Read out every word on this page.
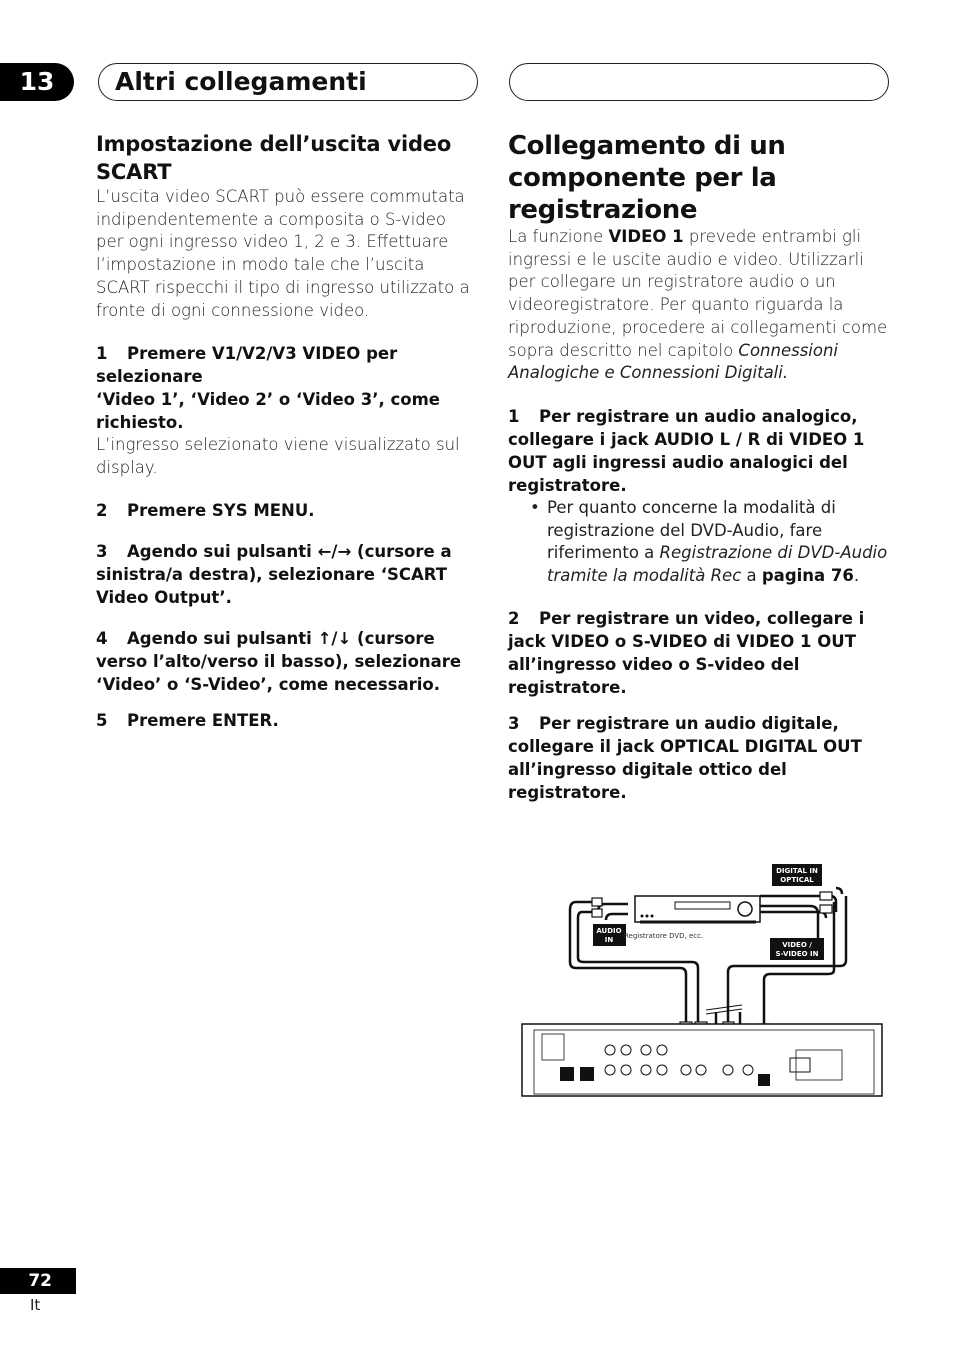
13	Altri collegamenti
Impostazione dell’uscita video SCART

L’uscita video SCART può essere commutata indipendentemente a composita o S-video per ogni ingresso video 1, 2 e 3. Effettuare l’impostazione in modo tale che l’uscita SCART rispecchi il tipo di ingresso utilizzato a fronte di ogni connessione video.

1 Premere V1/V2/V3 VIDEO per selezionare

‘Video 1’, ‘Video 2’ o ‘Video 3’, come richiesto.

L’ingresso selezionato viene visualizzato sul display.

2 Premere SYS MENU.

3 Agendo sui pulsanti ←/→ (cursore a sinistra/a destra), selezionare ‘SCART Video Output’.

4 Agendo sui pulsanti ↑/↓ (cursore verso l’alto/verso il basso), selezionare ‘Video’ o ‘S-Video’, come necessario.

5 Premere ENTER.

Collegamento di un componente per la registrazione

La funzione VIDEO 1 prevede entrambi gli ingressi e le uscite audio e video. Utilizzarli per collegare un registratore audio o un videoregistratore. Per quanto riguarda la riproduzione, procedere ai collegamenti come sopra descritto nel capitolo Connessioni Analogiche e Connessioni Digitali.

1 Per registrare un audio analogico, collegare i jack AUDIO L / R di VIDEO 1 OUT agli ingressi audio analogici del registratore.

• Per quanto concerne la modalità di registrazione del DVD-Audio, fare riferimento a Registrazione di DVD-Audio tramite la modalità Rec a pagina 76.

2 Per registrare un video, collegare i jack VIDEO o S-VIDEO di VIDEO 1 OUT all’ingresso video o S-video del registratore.

3 Per registrare un audio digitale, collegare il jack OPTICAL DIGITAL OUT all’ingresso digitale ottico del registratore.

DIGITAL IN
OPTICAL
AUDIO
IN
VIDEO /
S-VIDEO IN
Registratore DVD, ecc.
72
It
